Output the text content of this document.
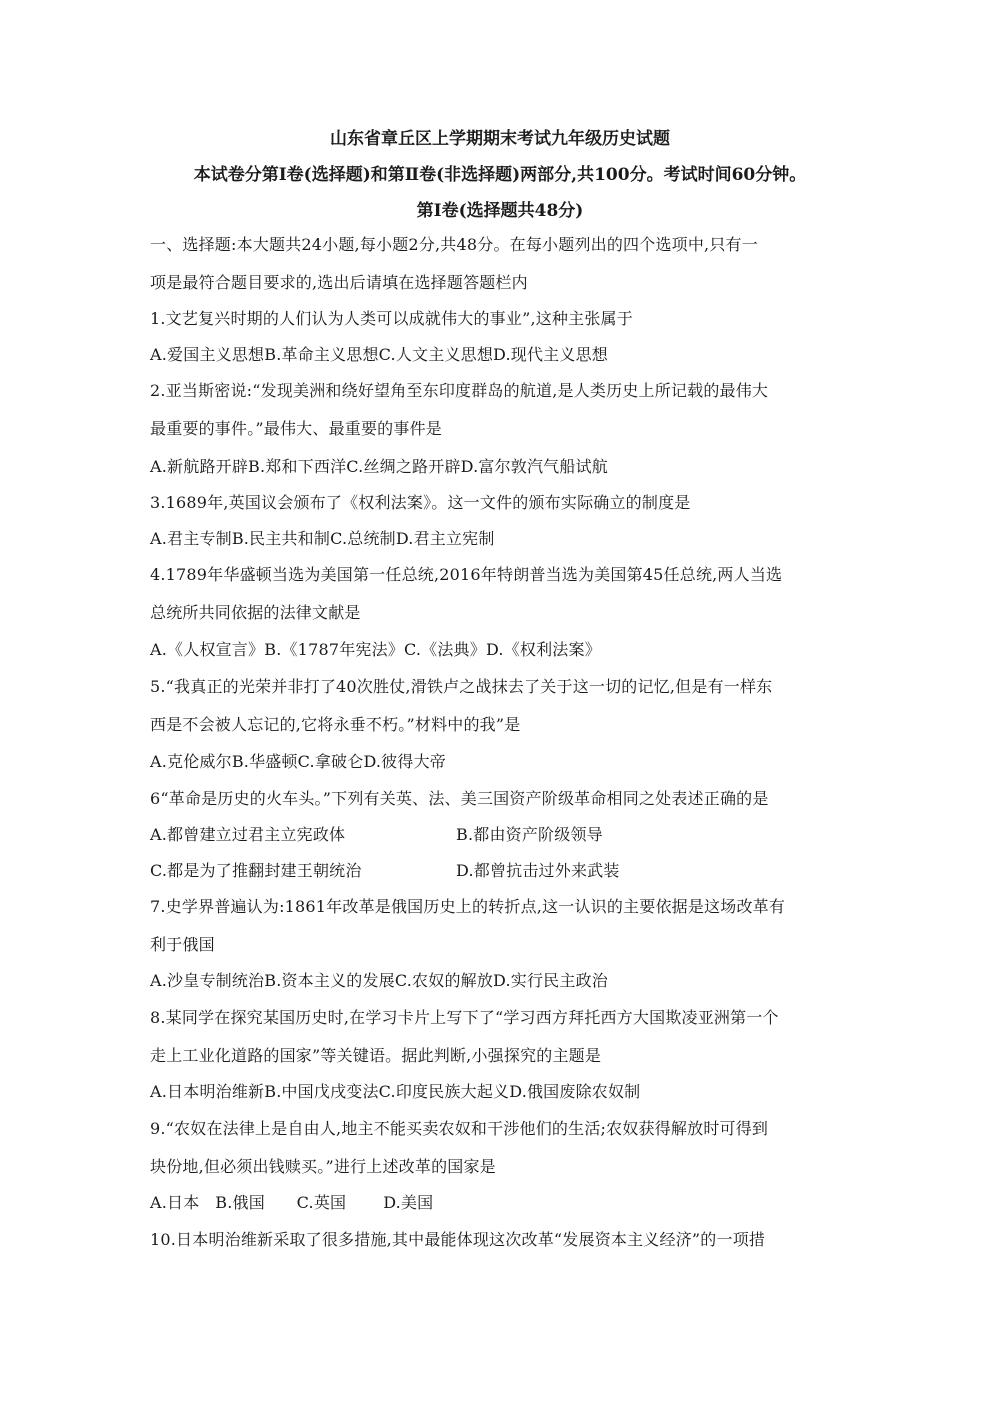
山东省章丘区上学期期末考试九年级历史试题
本试卷分第Ⅰ卷(选择题)和第Ⅱ卷(非选择题)两部分,共100分。考试时间60分钟。
第Ⅰ卷(选择题共48分)
一、选择题:本大题共24小题,每小题2分,共48分。在每小题列出的四个选项中,只有一
项是最符合题目要求的,选出后请填在选择题答题栏内
1.文艺复兴时期的人们认为人类可以成就伟大的事业”,这种主张属于
A.爱国主义思想B.革命主义思想C.人文主义思想D.现代主义思想
2.亚当斯密说:“发现美洲和绕好望角至东印度群岛的航道,是人类历史上所记载的最伟大
最重要的事件。”最伟大、最重要的事件是
A.新航路开辟B.郑和下西洋C.丝绸之路开辟D.富尔敦汽气船试航
3.1689年,英国议会颁布了《权利法案》。这一文件的颁布实际确立的制度是
A.君主专制B.民主共和制C.总统制D.君主立宪制
4.1789年华盛顿当选为美国第一任总统,2016年特朗普当选为美国第45任总统,两人当选
总统所共同依据的法律文献是
A.《人权宣言》B.《1787年宪法》C.《法典》D.《权利法案》
5.“我真正的光荣并非打了40次胜仗,滑铁卢之战抹去了关于这一切的记忆,但是有一样东
西是不会被人忘记的,它将永垂不朽。”材料中的我”是
A.克伦威尔B.华盛顿C.拿破仑D.彼得大帝
6“革命是历史的火车头。”下列有关英、法、美三国资产阶级革命相同之处表述正确的是
A.都曾建立过君主立宪政体	B.都由资产阶级领导
C.都是为了推翻封建王朝统治	D.都曾抗击过外来武装
7.史学界普遍认为:1861年改革是俄国历史上的转折点,这一认识的主要依据是这场改革有
利于俄国
A.沙皇专制统治B.资本主义的发展C.农奴的解放D.实行民主政治
8.某同学在探究某国历史时,在学习卡片上写下了“学习西方拜托西方大国欺凌亚洲第一个
走上工业化道路的国家”等关键语。据此判断,小强探究的主题是
A.日本明治维新B.中国戊戌变法C.印度民族大起义D.俄国废除农奴制
9.“农奴在法律上是自由人,地主不能买卖农奴和干涉他们的生活;农奴获得解放时可得到
块份地,但必须出钱赎买。”进行上述改革的国家是
A.日本   B.俄国      C.英国       D.美国
10.日本明治维新采取了很多措施,其中最能体现这次改革“发展资本主义经济”的一项措
